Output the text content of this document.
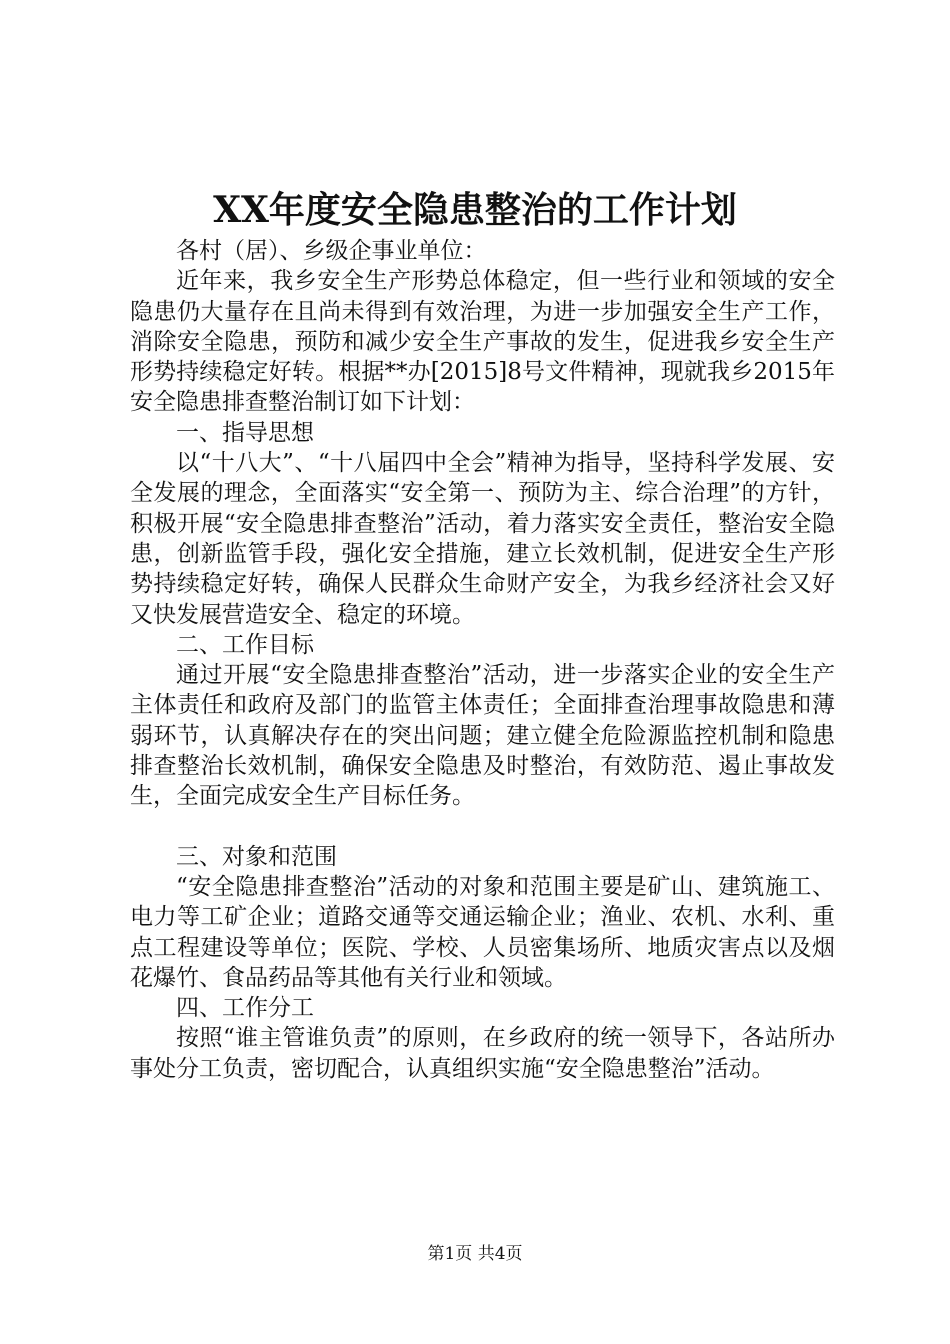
XX年度安全隐患整治的工作计划

各村（居）、乡级企事业单位：

近年来，我乡安全生产形势总体稳定，但一些行业和领域的安全隐患仍大量存在且尚未得到有效治理，为进一步加强安全生产工作，消除安全隐患，预防和减少安全生产事故的发生，促进我乡安全生产形势持续稳定好转。根据**办[2015]8号文件精神，现就我乡2015年安全隐患排查整治制订如下计划：

一、指导思想

以“十八大”、“十八届四中全会”精神为指导，坚持科学发展、安全发展的理念，全面落实“安全第一、预防为主、综合治理”的方针，积极开展“安全隐患排查整治”活动，着力落实安全责任，整治安全隐患，创新监管手段，强化安全措施，建立长效机制，促进安全生产形势持续稳定好转，确保人民群众生命财产安全，为我乡经济社会又好又快发展营造安全、稳定的环境。

二、工作目标

通过开展“安全隐患排查整治”活动，进一步落实企业的安全生产主体责任和政府及部门的监管主体责任；全面排查治理事故隐患和薄弱环节，认真解决存在的突出问题；建立健全危险源监控机制和隐患排查整治长效机制，确保安全隐患及时整治，有效防范、遏止事故发生，全面完成安全生产目标任务。

三、对象和范围

“安全隐患排查整治”活动的对象和范围主要是矿山、建筑施工、电力等工矿企业；道路交通等交通运输企业；渔业、农机、水利、重点工程建设等单位；医院、学校、人员密集场所、地质灾害点以及烟花爆竹、食品药品等其他有关行业和领域。

四、工作分工

按照“谁主管谁负责”的原则，在乡政府的统一领导下，各站所办事处分工负责，密切配合，认真组织实施“安全隐患整治”活动。

第1页 共4页
